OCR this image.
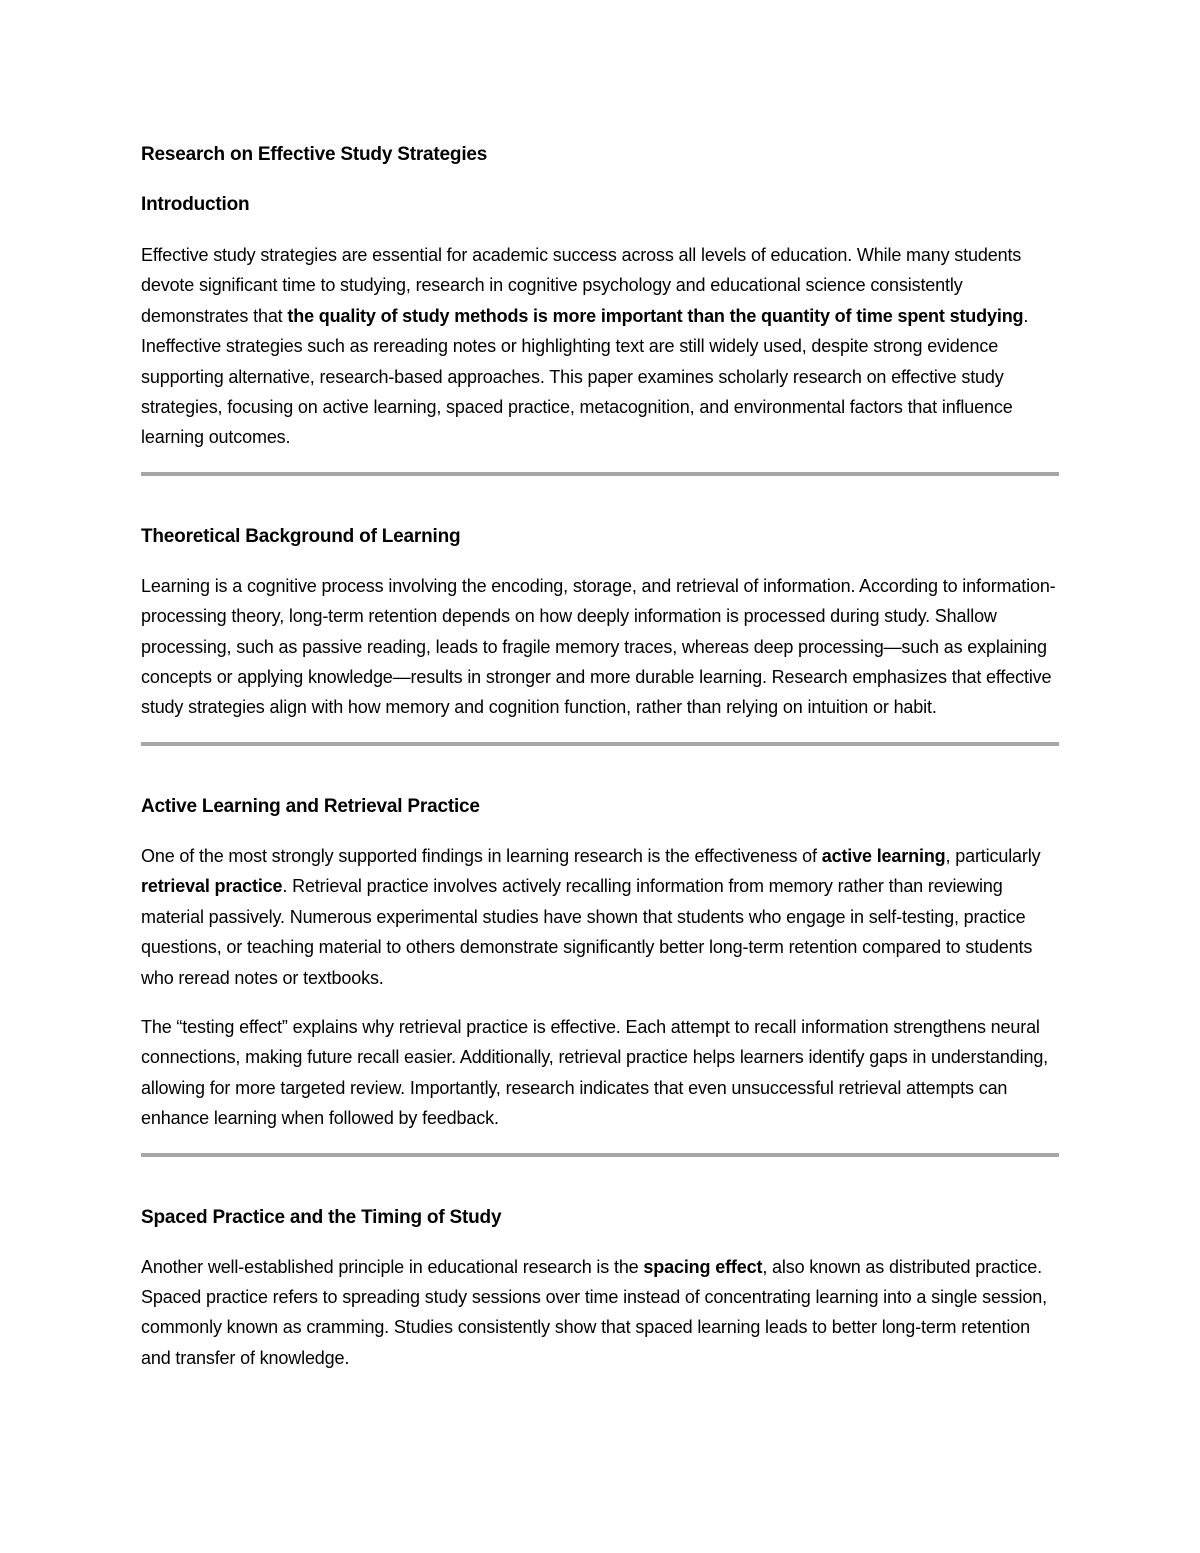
Research on Effective Study Strategies
Introduction

Effective study strategies are essential for academic success across all levels of education. While many students devote significant time to studying, research in cognitive psychology and educational science consistently demonstrates that the quality of study methods is more important than the quantity of time spent studying. Ineffective strategies such as rereading notes or highlighting text are still widely used, despite strong evidence supporting alternative, research-based approaches. This paper examines scholarly research on effective study strategies, focusing on active learning, spaced practice, metacognition, and environmental factors that influence learning outcomes.

Theoretical Background of Learning

Learning is a cognitive process involving the encoding, storage, and retrieval of information. According to information-processing theory, long-term retention depends on how deeply information is processed during study. Shallow processing, such as passive reading, leads to fragile memory traces, whereas deep processing—such as explaining concepts or applying knowledge—results in stronger and more durable learning. Research emphasizes that effective study strategies align with how memory and cognition function, rather than relying on intuition or habit.

Active Learning and Retrieval Practice

One of the most strongly supported findings in learning research is the effectiveness of active learning, particularly retrieval practice. Retrieval practice involves actively recalling information from memory rather than reviewing material passively. Numerous experimental studies have shown that students who engage in self-testing, practice questions, or teaching material to others demonstrate significantly better long-term retention compared to students who reread notes or textbooks.

The “testing effect” explains why retrieval practice is effective. Each attempt to recall information strengthens neural connections, making future recall easier. Additionally, retrieval practice helps learners identify gaps in understanding, allowing for more targeted review. Importantly, research indicates that even unsuccessful retrieval attempts can enhance learning when followed by feedback.

Spaced Practice and the Timing of Study

Another well-established principle in educational research is the spacing effect, also known as distributed practice. Spaced practice refers to spreading study sessions over time instead of concentrating learning into a single session, commonly known as cramming. Studies consistently show that spaced learning leads to better long-term retention and transfer of knowledge.
